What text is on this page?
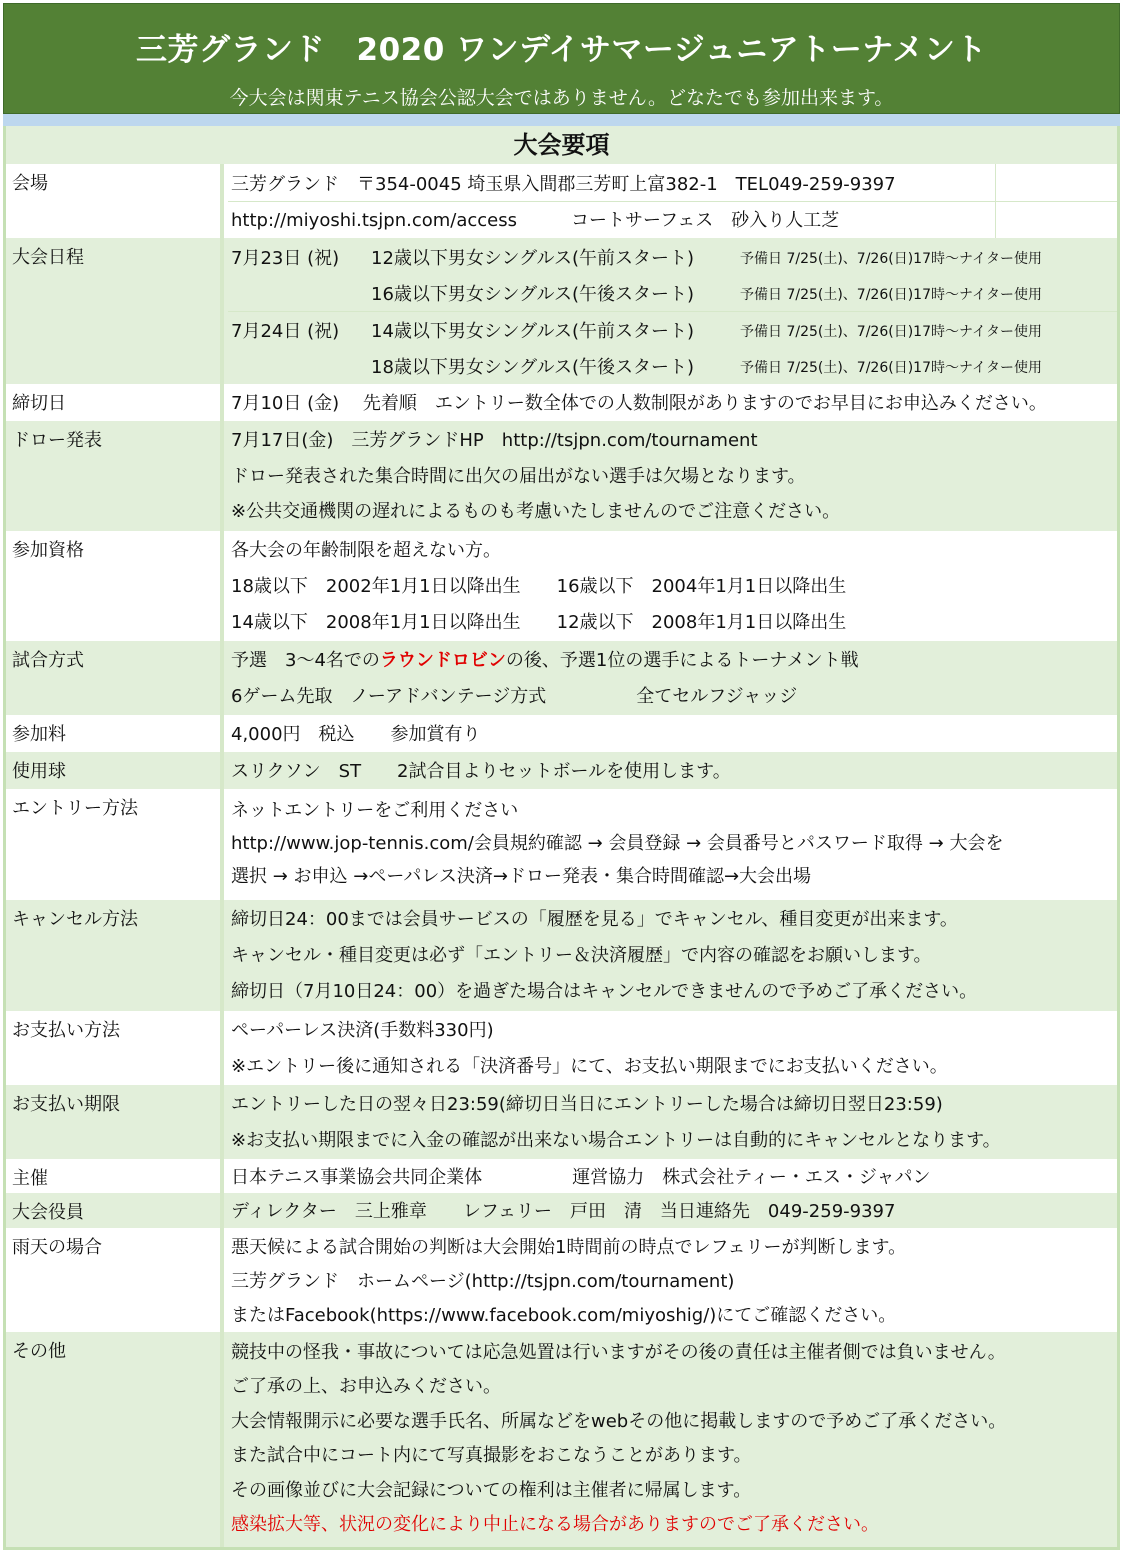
三芳グランド　2020 ワンデイサマージュニアトーナメント
今大会は関東テニス協会公認大会ではありません。どなたでも参加出来ます。
大会要項
会場	三芳グランド　〒354-0045 埼玉県入間郡三芳町上富382-1　TEL049-259-9397
http://miyoshi.tsjpn.com/access　　　コートサーフェス　砂入り人工芝
大会日程	7月23日 (祝) 12歳以下男女シングルス(午前スタート)	予備日 7/25(土)、7/26(日)17時～ナイター使用
16歳以下男女シングルス(午後スタート)	予備日 7/25(土)、7/26(日)17時～ナイター使用
7月24日 (祝) 14歳以下男女シングルス(午前スタート)	予備日 7/25(土)、7/26(日)17時～ナイター使用
18歳以下男女シングルス(午後スタート)	予備日 7/25(土)、7/26(日)17時～ナイター使用
締切日	7月10日 (金)　 先着順　エントリー数全体での人数制限がありますのでお早目にお申込みください。
ドロー発表	7月17日(金)　三芳グランドHP　http://tsjpn.com/tournament
ドロー発表された集合時間に出欠の届出がない選手は欠場となります。
※公共交通機関の遅れによるものも考慮いたしませんのでご注意ください。
参加資格	各大会の年齢制限を超えない方。
18歳以下　2002年1月1日以降出生　　16歳以下　2004年1月1日以降出生
14歳以下　2008年1月1日以降出生　　12歳以下　2008年1月1日以降出生
試合方式	予選　3～4名でのラウンドロビンの後、予選1位の選手によるトーナメント戦
6ゲーム先取　ノーアドバンテージ方式　　　　　全てセルフジャッジ
参加料	4,000円　税込　　参加賞有り
使用球	スリクソン　ST　　2試合目よりセットボールを使用します。
エントリー方法	ネットエントリーをご利用ください
http://www.jop-tennis.com/会員規約確認 → 会員登録 → 会員番号とパスワード取得 → 大会を
選択 → お申込 →ペーパレス決済→ドロー発表・集合時間確認→大会出場
キャンセル方法	締切日24：00までは会員サービスの「履歴を見る」でキャンセル、種目変更が出来ます。
キャンセル・種目変更は必ず「エントリー＆決済履歴」で内容の確認をお願いします。
締切日（7月10日24：00）を過ぎた場合はキャンセルできませんので予めご了承ください。
お支払い方法	ペーパーレス決済(手数料330円)
※エントリー後に通知される「決済番号」にて、お支払い期限までにお支払いください。
お支払い期限	エントリーした日の翌々日23:59(締切日当日にエントリーした場合は締切日翌日23:59)
※お支払い期限までに入金の確認が出来ない場合エントリーは自動的にキャンセルとなります。
主催	日本テニス事業協会共同企業体　　　　　運営協力　株式会社ティー・エス・ジャパン
大会役員	ディレクター　三上雅章　　レフェリー　戸田　清　当日連絡先　049-259-9397
雨天の場合	悪天候による試合開始の判断は大会開始1時間前の時点でレフェリーが判断します。
三芳グランド　ホームページ(http://tsjpn.com/tournament)
またはFacebook(https://www.facebook.com/miyoshig/)にてご確認ください。
その他	競技中の怪我・事故については応急処置は行いますがその後の責任は主催者側では負いません。
ご了承の上、お申込みください。
大会情報開示に必要な選手氏名、所属などをwebその他に掲載しますので予めご了承ください。
また試合中にコート内にて写真撮影をおこなうことがあります。
その画像並びに大会記録についての権利は主催者に帰属します。
感染拡大等、状況の変化により中止になる場合がありますのでご了承ください。
